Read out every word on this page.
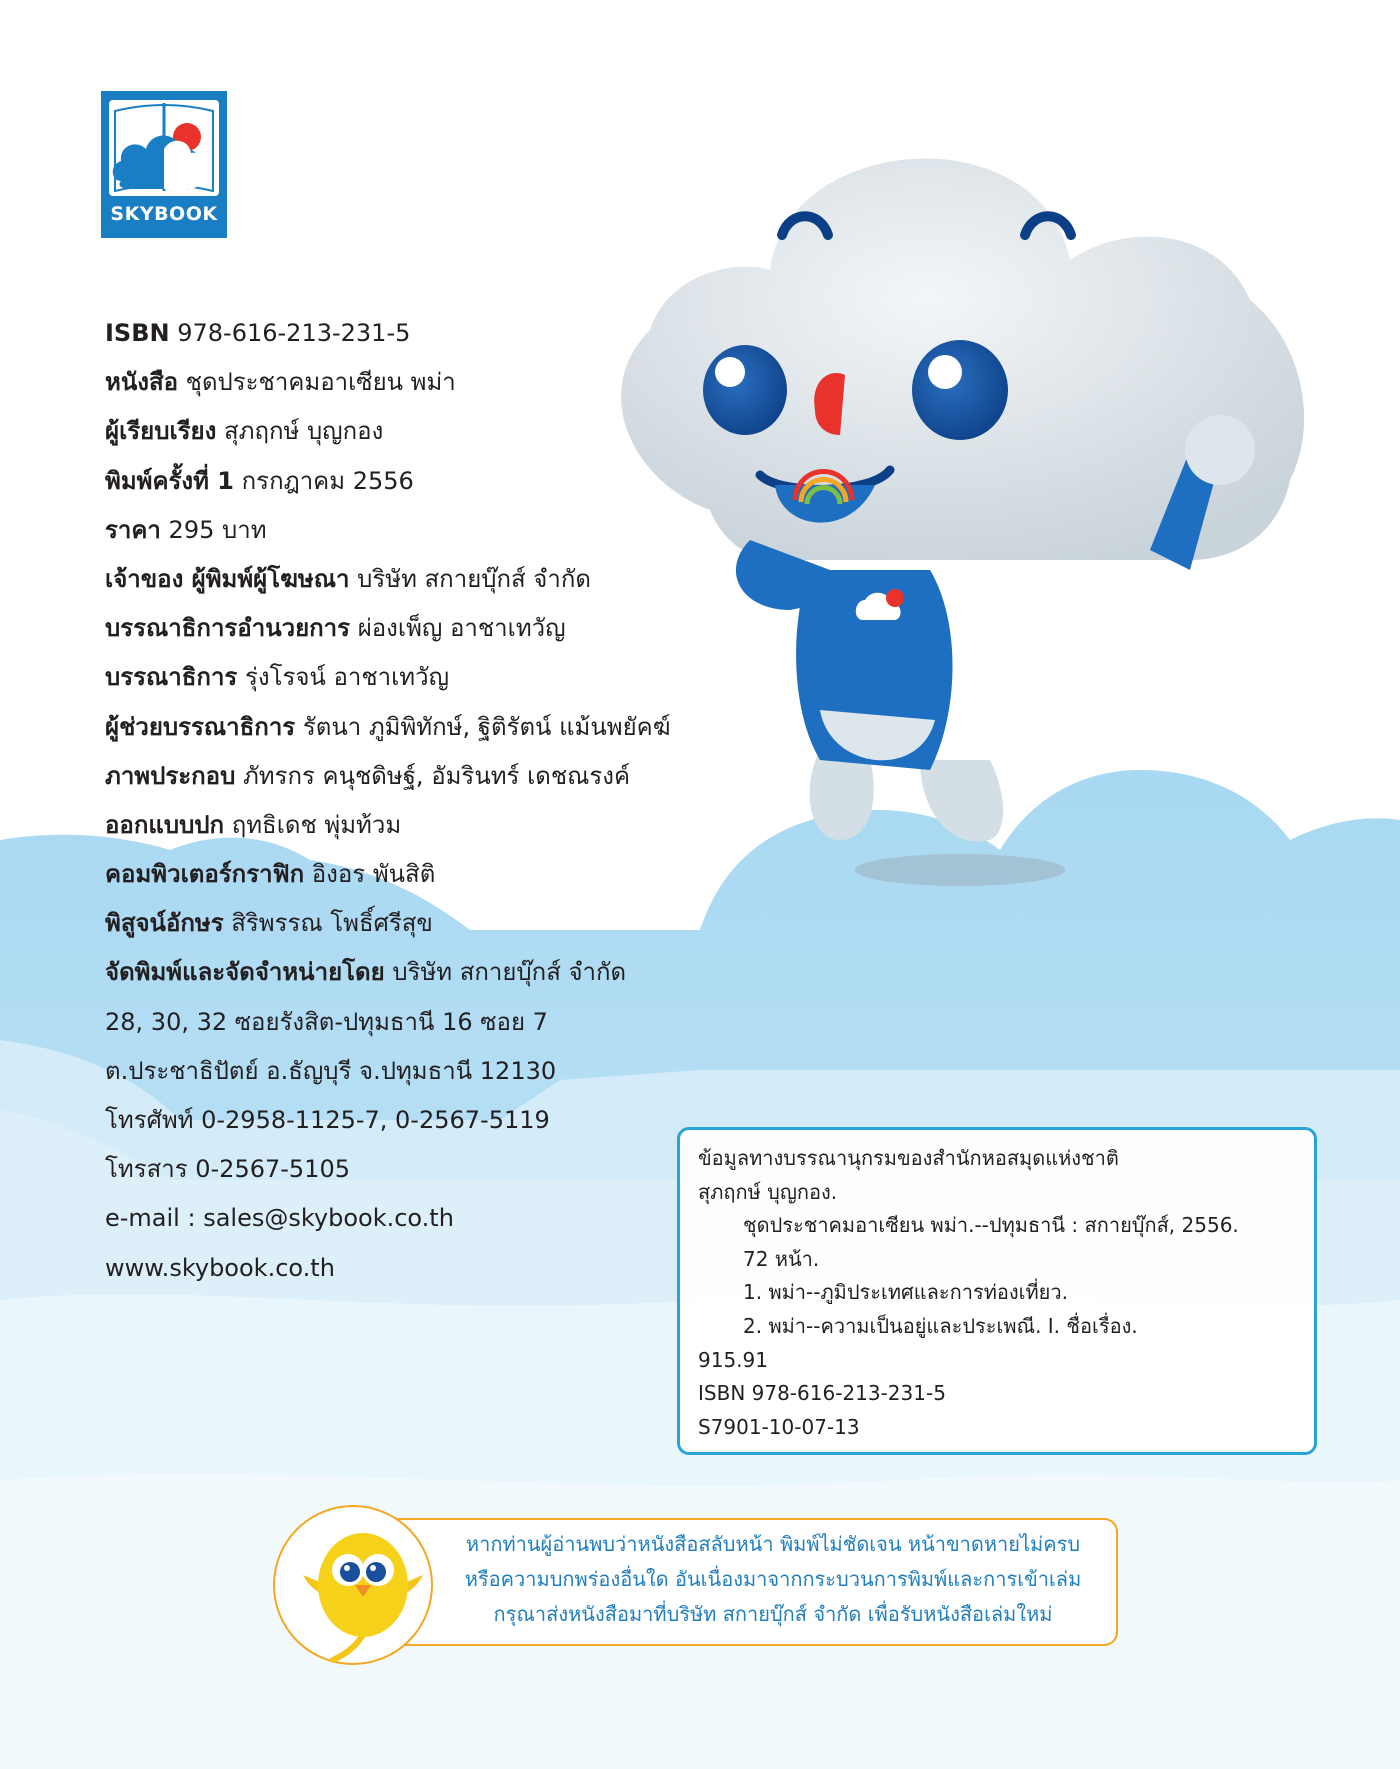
SKYBOOK
ISBN 978-616-213-231-5
หนังสือ ชุดประชาคมอาเซียน พม่า
ผู้เรียบเรียง สุภฤกษ์ บุญกอง
พิมพ์ครั้งที่ 1 กรกฎาคม 2556
ราคา 295 บาท
เจ้าของ ผู้พิมพ์ผู้โฆษณา บริษัท สกายบุ๊กส์ จำกัด
บรรณาธิการอำนวยการ ผ่องเพ็ญ อาชาเทวัญ
บรรณาธิการ รุ่งโรจน์ อาชาเทวัญ
ผู้ช่วยบรรณาธิการ รัตนา ภูมิพิทักษ์, ฐิติรัตน์ แม้นพยัคฆ์
ภาพประกอบ ภัทรกร คนุชดิษฐ์, อัมรินทร์ เดชณรงค์
ออกแบบปก ฤทธิเดช พุ่มท้วม
คอมพิวเตอร์กราฟิก อิงอร พันสิติ
พิสูจน์อักษร สิริพรรณ โพธิ์ศรีสุข
จัดพิมพ์และจัดจำหน่ายโดย บริษัท สกายบุ๊กส์ จำกัด
28, 30, 32 ซอยรังสิต-ปทุมธานี 16 ซอย 7
ต.ประชาธิปัตย์ อ.ธัญบุรี จ.ปทุมธานี 12130
โทรศัพท์ 0-2958-1125-7, 0-2567-5119
โทรสาร 0-2567-5105
e-mail : sales@skybook.co.th
www.skybook.co.th
ข้อมูลทางบรรณานุกรมของสำนักหอสมุดแห่งชาติ
สุภฤกษ์ บุญกอง.
ชุดประชาคมอาเซียน พม่า.--ปทุมธานี : สกายบุ๊กส์, 2556.
72 หน้า.
1. พม่า--ภูมิประเทศและการท่องเที่ยว.
2. พม่า--ความเป็นอยู่และประเพณี. I. ชื่อเรื่อง.
915.91
ISBN 978-616-213-231-5
S7901-10-07-13
หากท่านผู้อ่านพบว่าหนังสือสลับหน้า พิมพ์ไม่ชัดเจน หน้าขาดหายไม่ครบ
หรือความบกพร่องอื่นใด อันเนื่องมาจากกระบวนการพิมพ์และการเข้าเล่ม
กรุณาส่งหนังสือมาที่บริษัท สกายบุ๊กส์ จำกัด เพื่อรับหนังสือเล่มใหม่
